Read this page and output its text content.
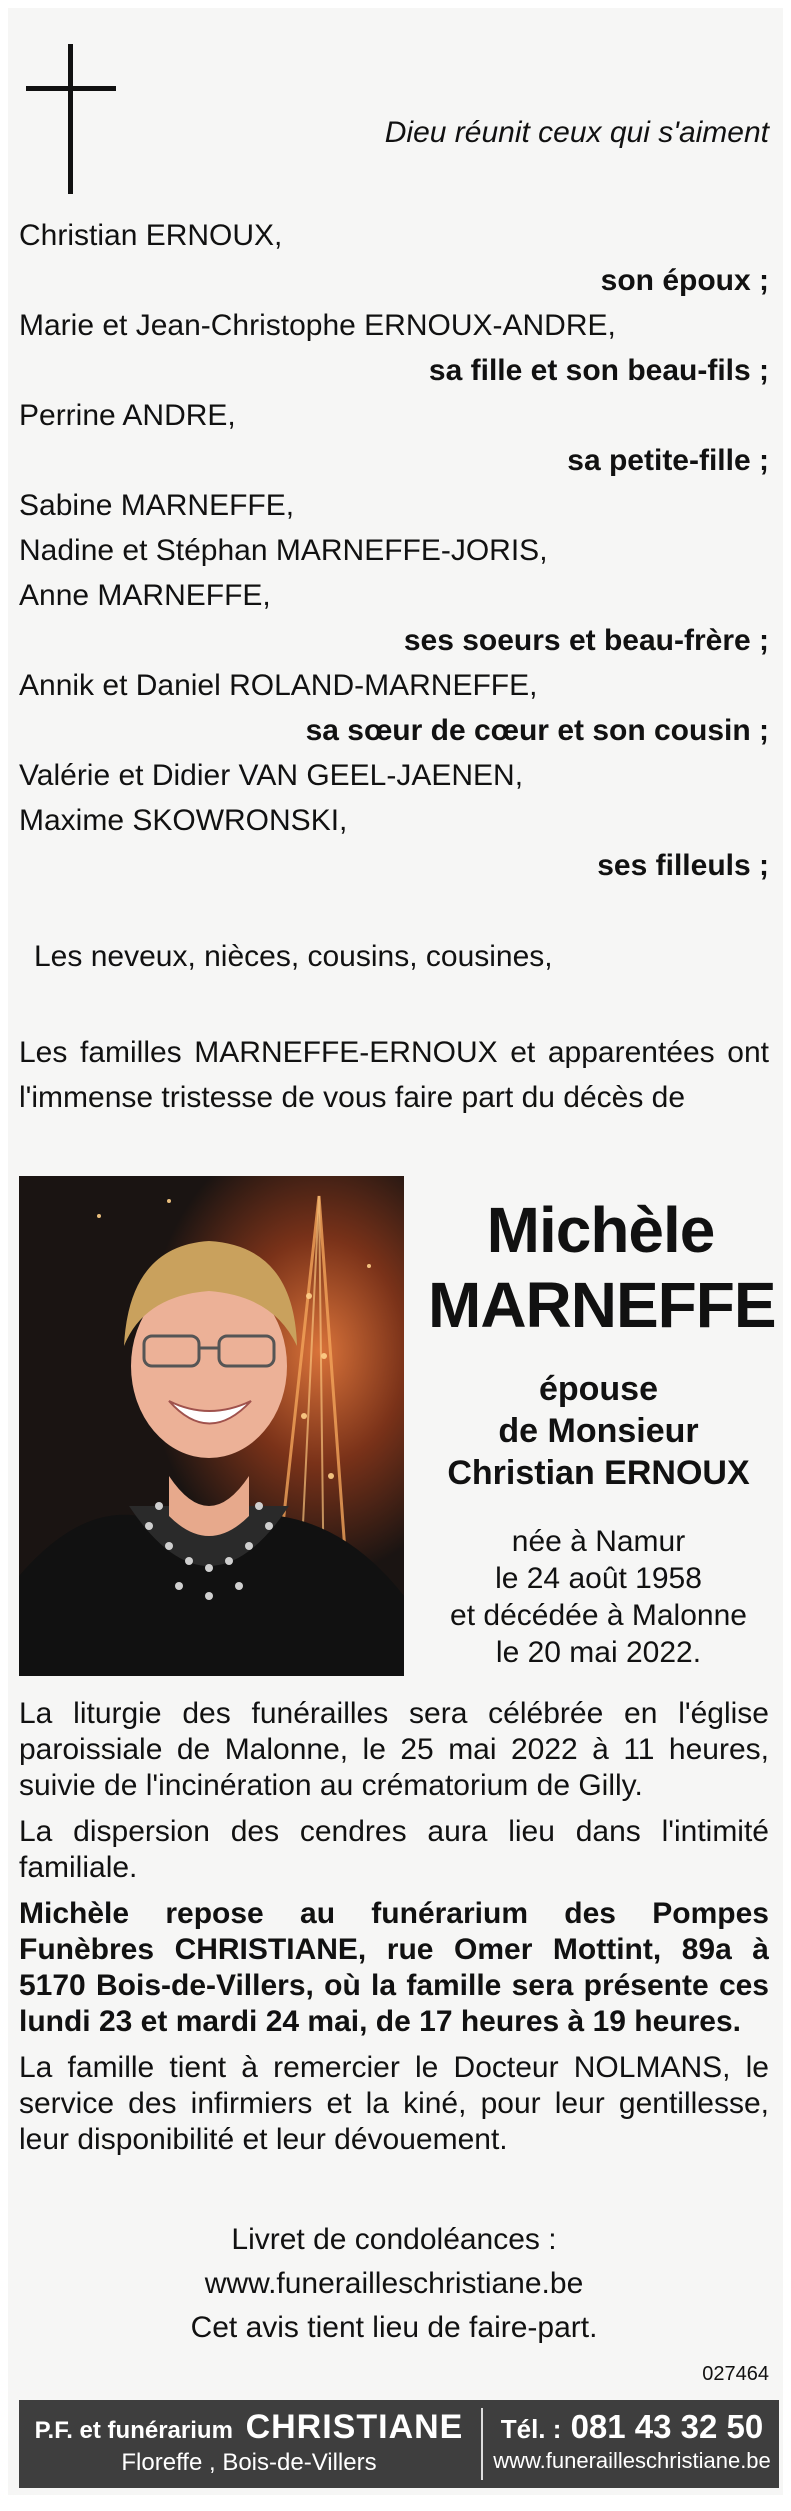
Dieu réunit ceux qui s'aiment
Christian ERNOUX,
son époux ;
Marie et Jean-Christophe ERNOUX-ANDRE,
sa fille et son beau-fils ;
Perrine ANDRE,
sa petite-fille ;
Sabine MARNEFFE,
Nadine et Stéphan MARNEFFE-JORIS,
Anne MARNEFFE,
ses soeurs et beau-frère ;
Annik et Daniel ROLAND-MARNEFFE,
sa sœur de cœur et son cousin ;
Valérie et Didier VAN GEEL-JAENEN,
Maxime SKOWRONSKI,
ses filleuls ;
Les neveux, nièces, cousins, cousines,
Les familles MARNEFFE-ERNOUX et apparentées ont l'immense tristesse de vous faire part du décès de
Michèle
MARNEFFE
épouse
de Monsieur
Christian ERNOUX
née à Namur
le 24 août 1958
et décédée à Malonne
le 20 mai 2022.

La liturgie des funérailles sera célébrée en l'église paroissiale de Malonne, le 25 mai 2022 à 11 heures, suivie de l'incinération au crématorium de Gilly.

La dispersion des cendres aura lieu dans l'intimité familiale.

Michèle repose au funérarium des Pompes Funèbres CHRISTIANE, rue Omer Mottint, 89a à 5170 Bois-de-Villers, où la famille sera présente ces lundi 23 et mardi 24 mai, de 17 heures à 19 heures.

La famille tient à remercier le Docteur NOLMANS, le service des infirmiers et la kiné, pour leur gentillesse, leur disponibilité et leur dévouement.

Livret de condoléances :
www.funerailleschristiane.be
Cet avis tient lieu de faire-part.
027464
P.F. et funérarium CHRISTIANE
Floreffe , Bois-de-Villers
Tél. : 081 43 32 50
www.funerailleschristiane.be
